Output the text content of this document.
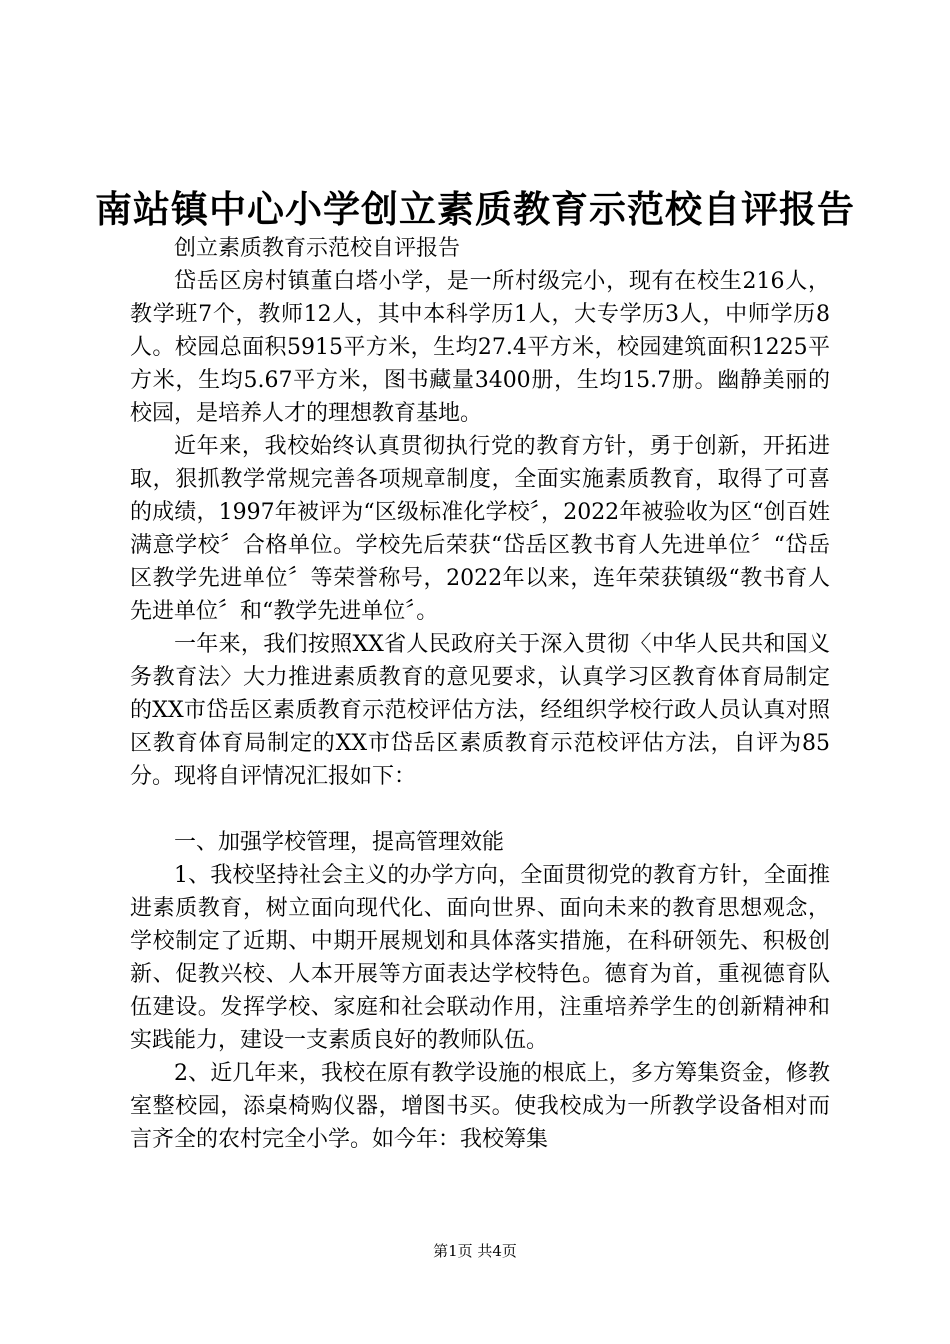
南站镇中心小学创立素质教育示范校自评报告

创立素质教育示范校自评报告

岱岳区房村镇董白塔小学，是一所村级完小，现有在校生216人，教学班7个，教师12人，其中本科学历1人，大专学历3人，中师学历8人。校园总面积5915平方米，生均27.4平方米，校园建筑面积1225平方米，生均5.67平方米，图书藏量3400册，生均15.7册。幽静美丽的校园，是培养人才的理想教育基地。

近年来，我校始终认真贯彻执行党的教育方针，勇于创新，开拓进取，狠抓教学常规完善各项规章制度，全面实施素质教育，取得了可喜的成绩，1997年被评为“区级标准化学校〞，2022年被验收为区“创百姓满意学校〞合格单位。学校先后荣获“岱岳区教书育人先进单位〞“岱岳区教学先进单位〞等荣誉称号，2022年以来，连年荣获镇级“教书育人先进单位〞和“教学先进单位〞。

一年来，我们按照XX省人民政府关于深入贯彻〈中华人民共和国义务教育法〉大力推进素质教育的意见要求，认真学习区教育体育局制定的XX市岱岳区素质教育示范校评估方法，经组织学校行政人员认真对照区教育体育局制定的XX市岱岳区素质教育示范校评估方法，自评为85分。现将自评情况汇报如下：

一、加强学校管理，提高管理效能

1、我校坚持社会主义的办学方向，全面贯彻党的教育方针，全面推进素质教育，树立面向现代化、面向世界、面向未来的教育思想观念，学校制定了近期、中期开展规划和具体落实措施，在科研领先、积极创新、促教兴校、人本开展等方面表达学校特色。德育为首，重视德育队伍建设。发挥学校、家庭和社会联动作用，注重培养学生的创新精神和实践能力，建设一支素质良好的教师队伍。

2、近几年来，我校在原有教学设施的根底上，多方筹集资金，修教室整校园，添桌椅购仪器，增图书买。使我校成为一所教学设备相对而言齐全的农村完全小学。如今年：我校筹集

第1页 共4页
